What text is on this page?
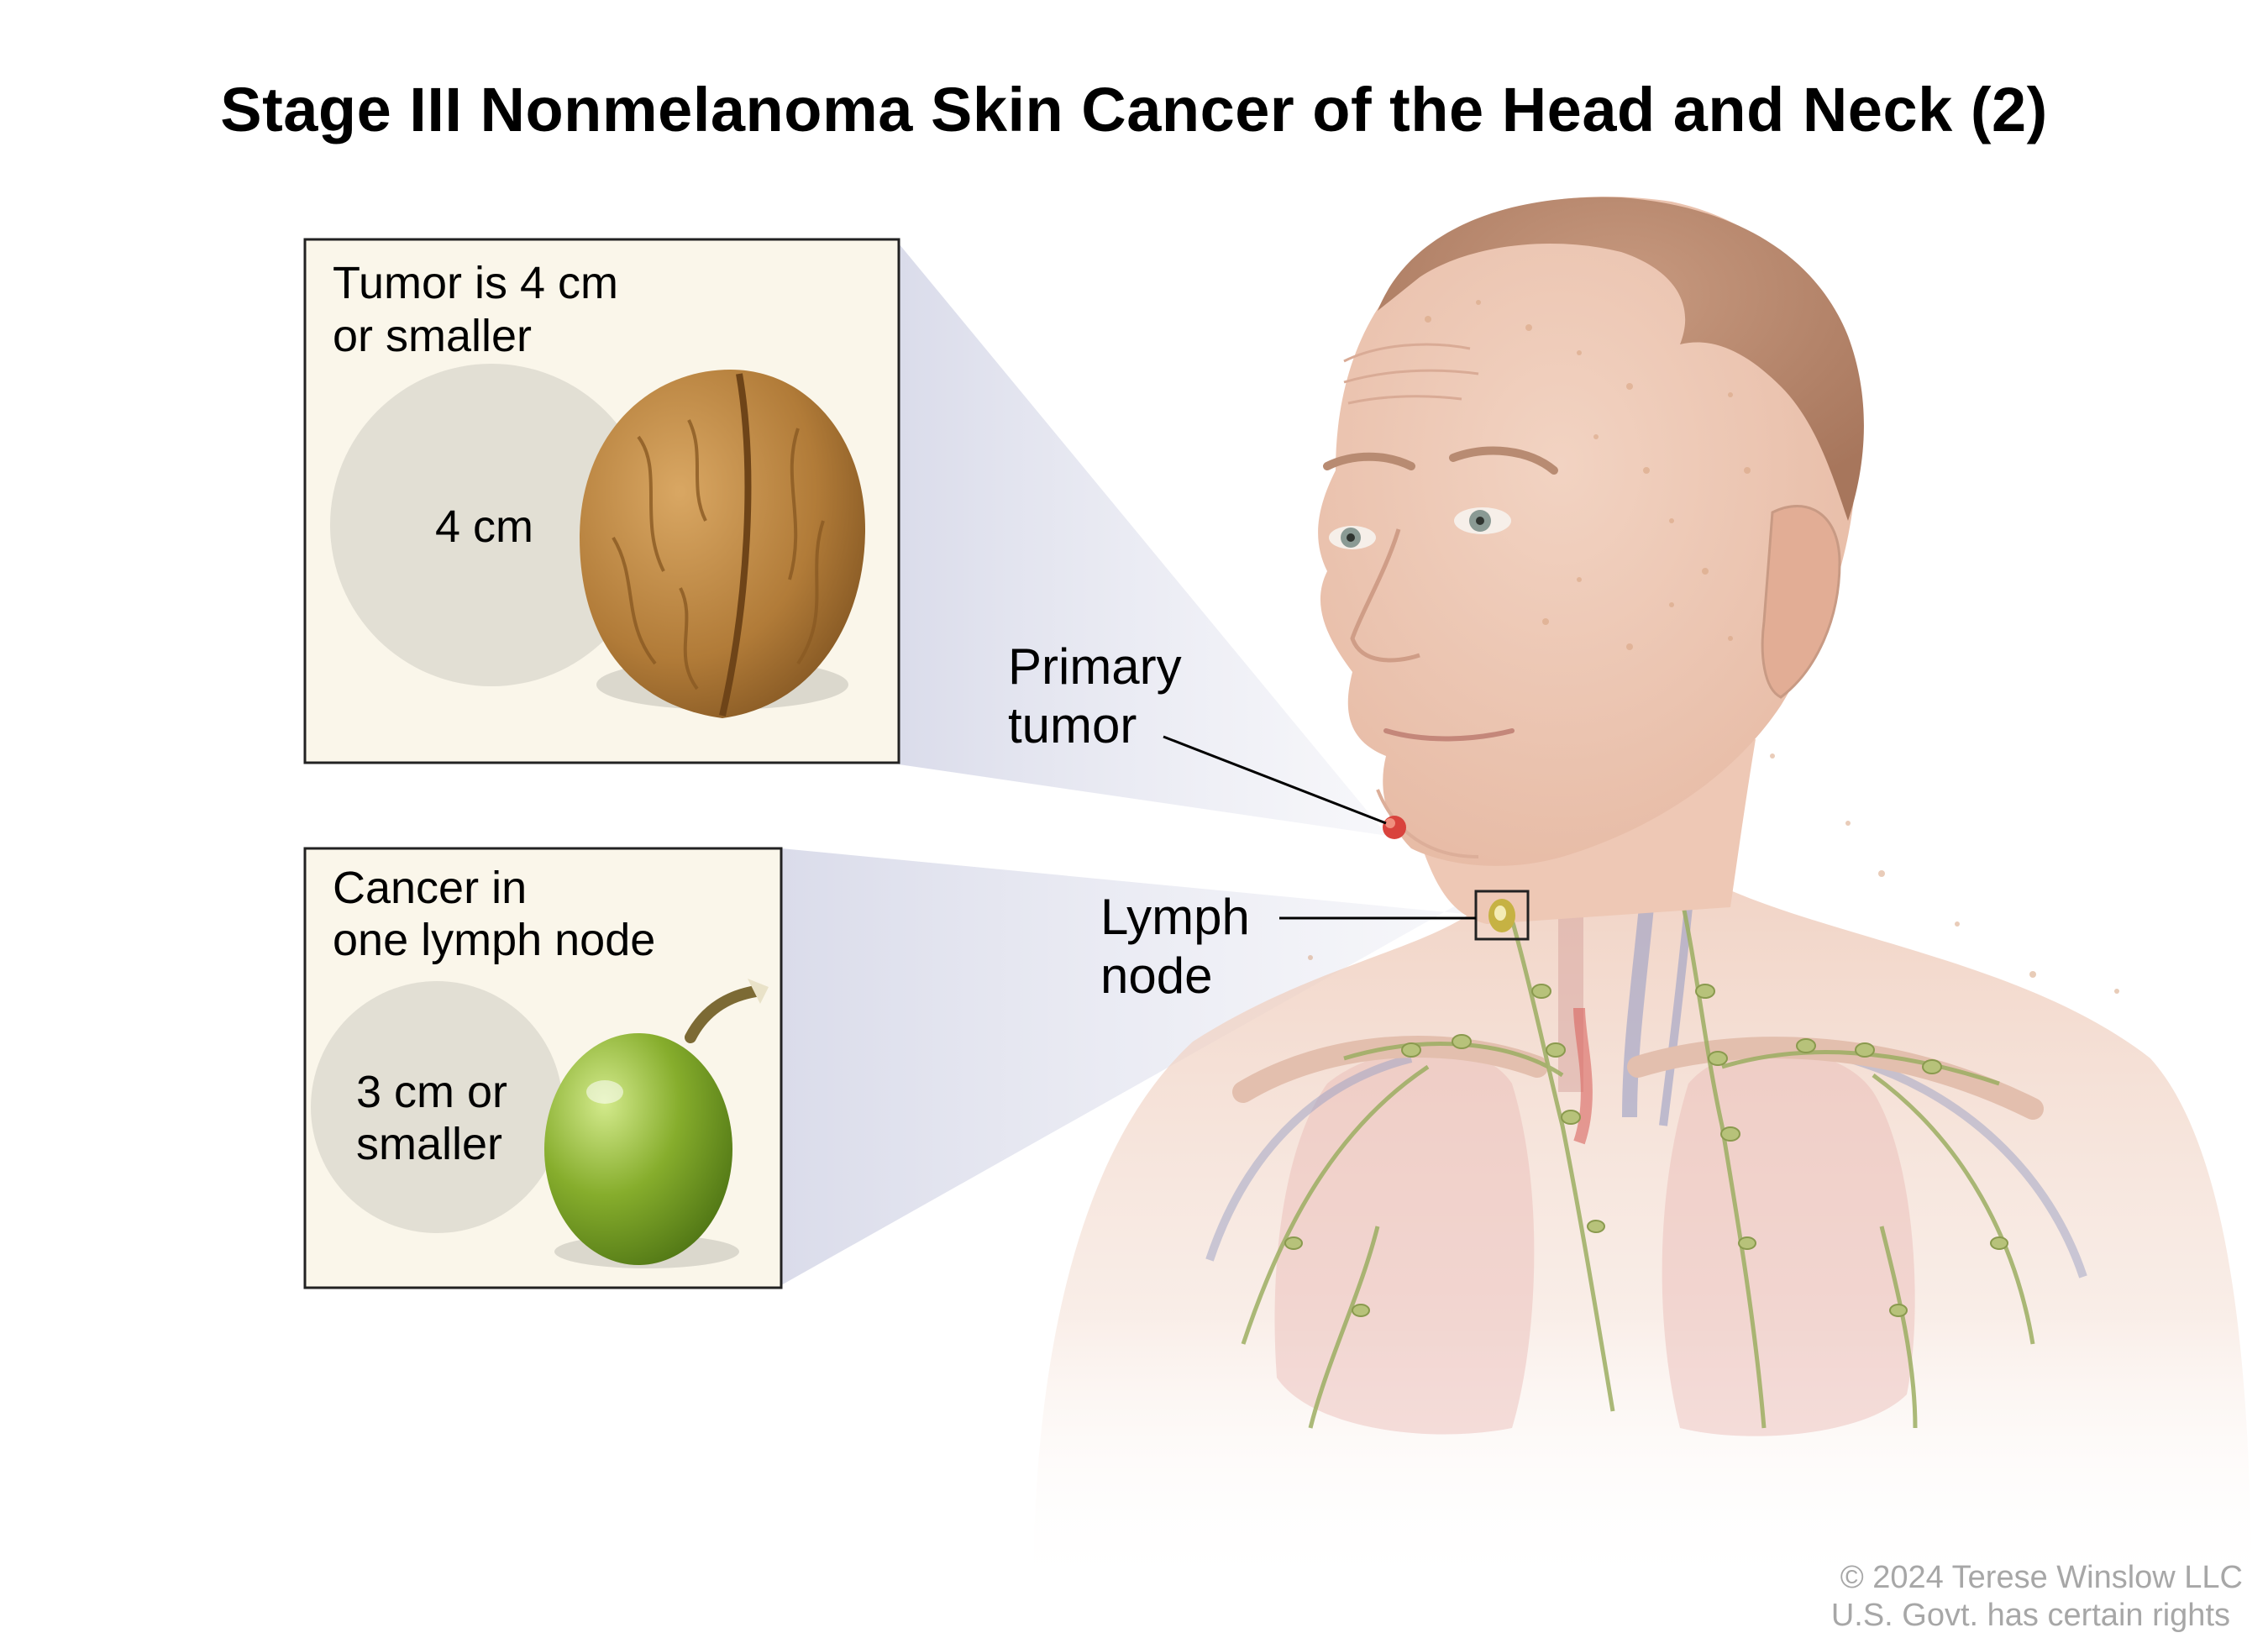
Stage III Nonmelanoma Skin Cancer of the Head and Neck (2)
Tumor is 4 cm
or smaller
4 cm
Cancer in
one lymph node
3 cm or
smaller
Primary
tumor
Lymph
node
© 2024 Terese Winslow LLC
U.S. Govt. has certain rights
